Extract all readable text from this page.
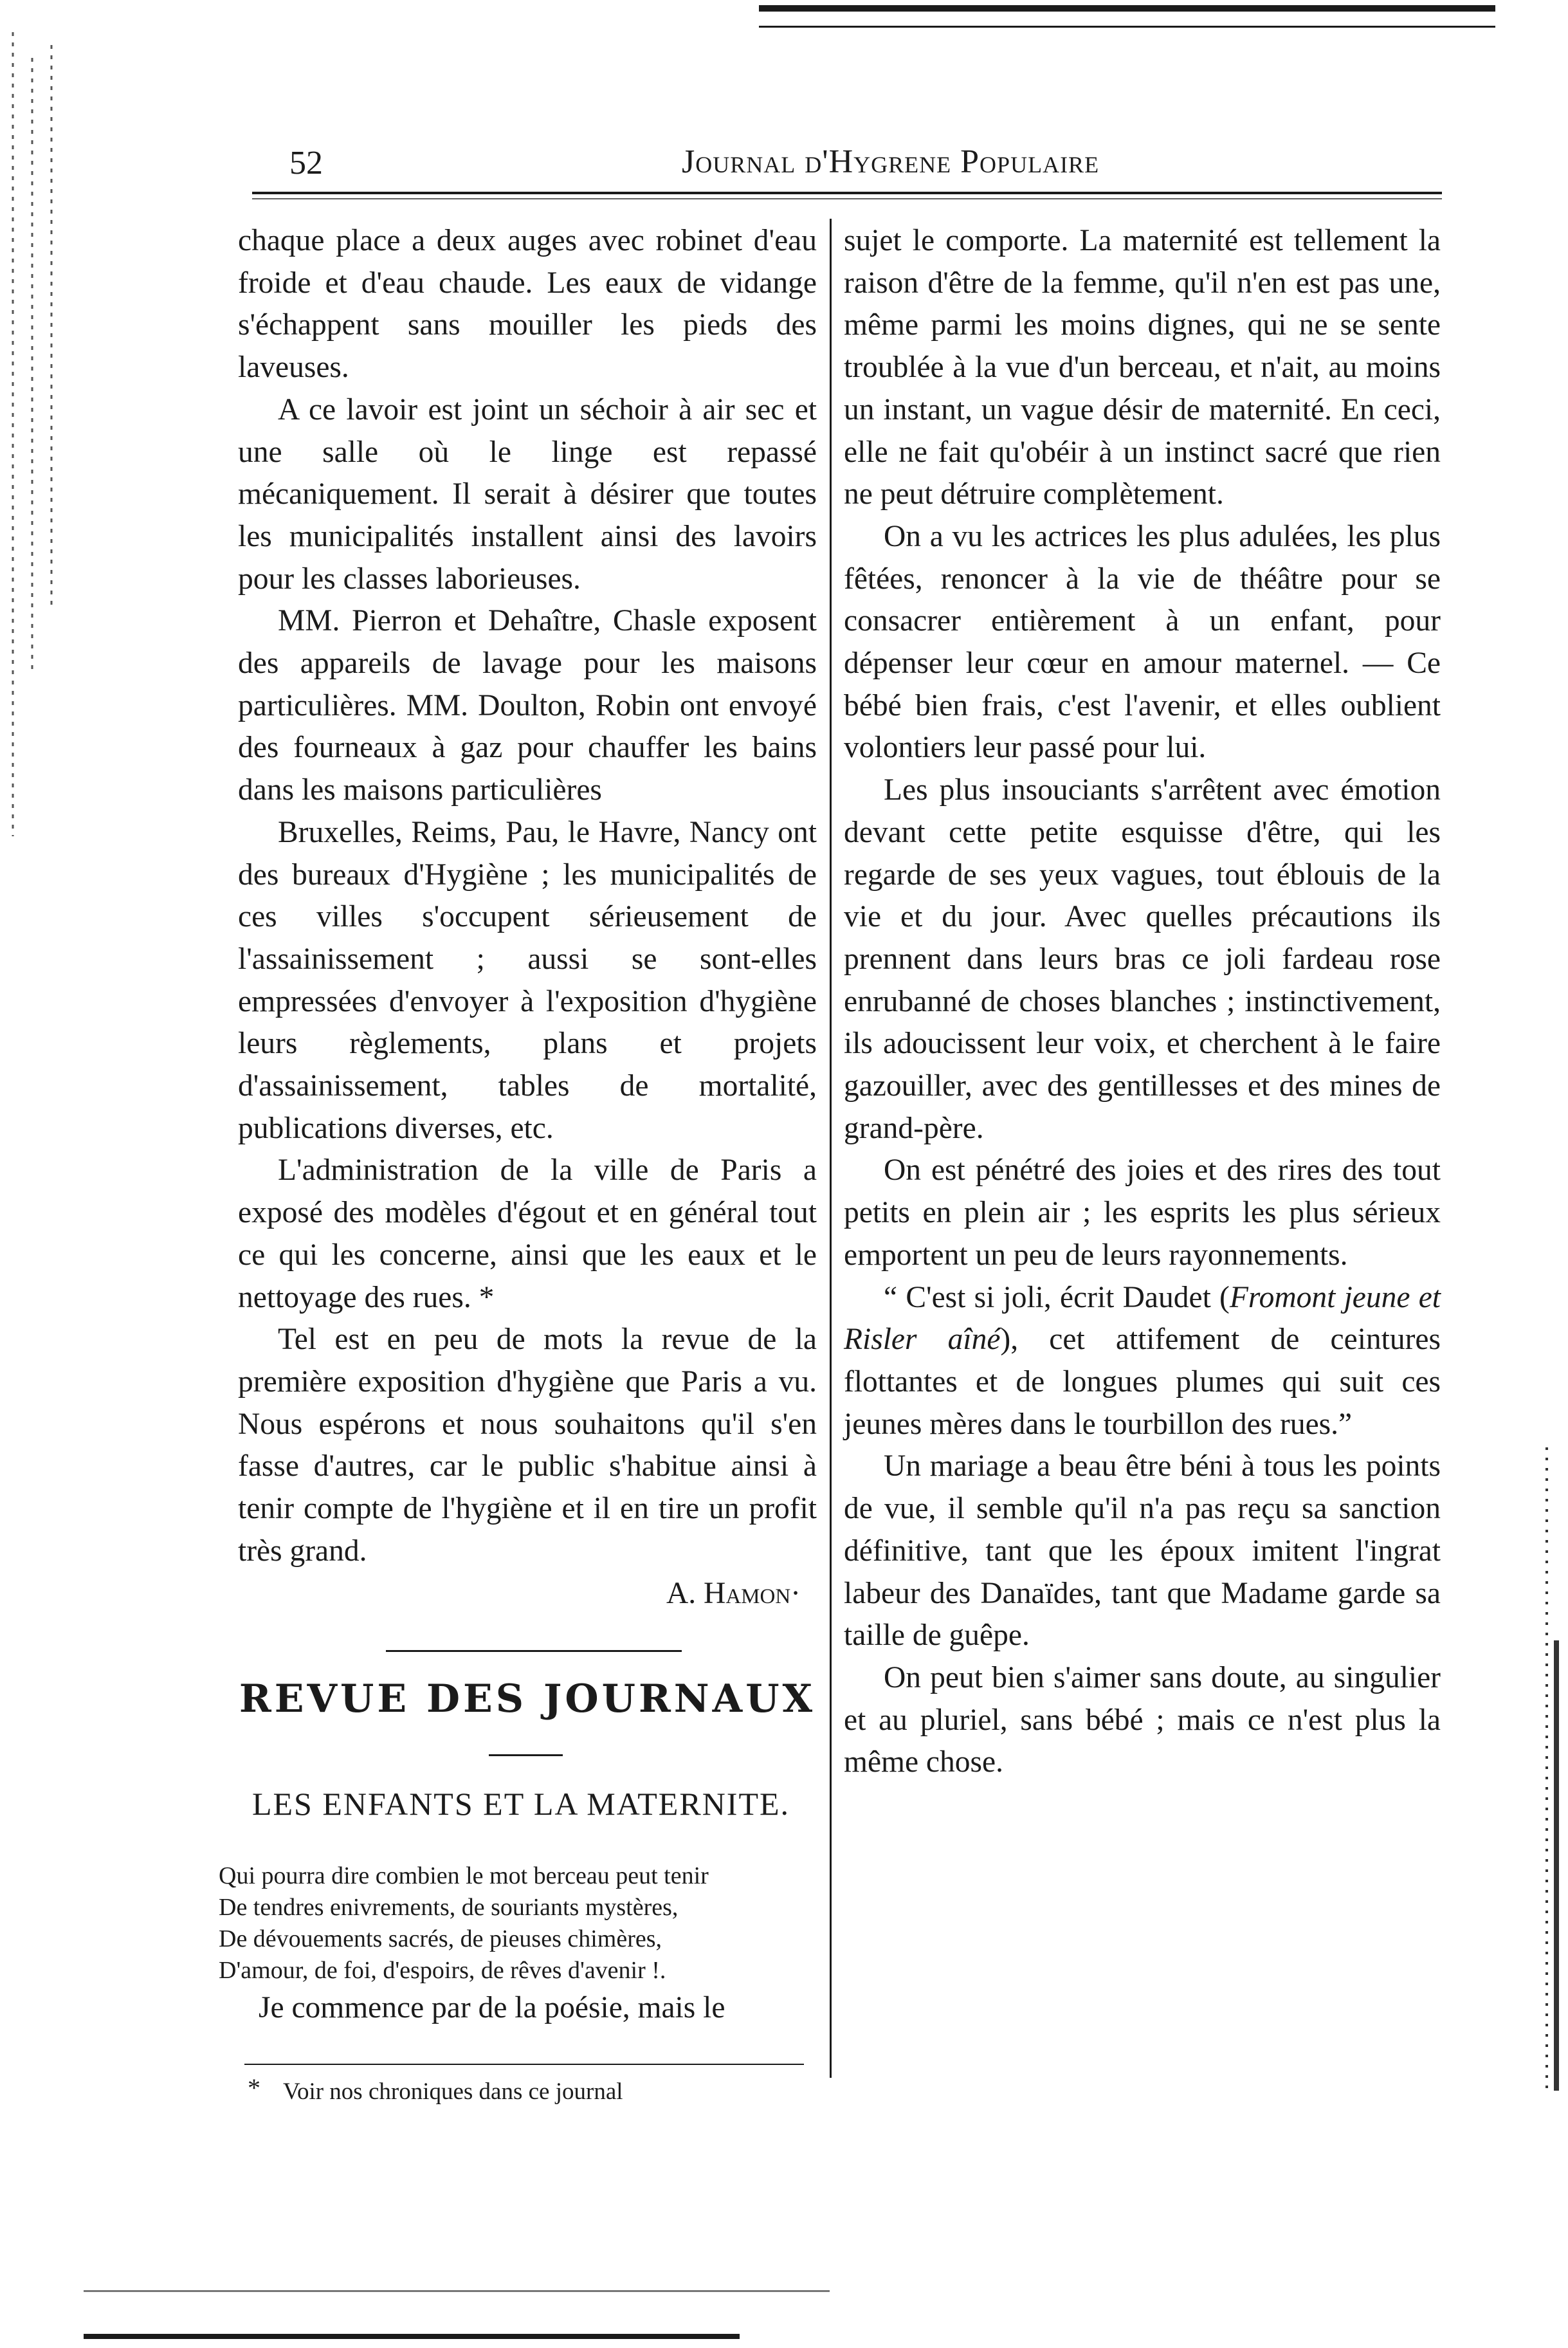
52	Journal d'Hygrene Populaire

chaque place a deux auges avec robinet d'eau froide et d'eau chaude. Les eaux de vidange s'échappent sans mouiller les pieds des laveuses.

A ce lavoir est joint un séchoir à air sec et une salle où le linge est repassé mécaniquement. Il serait à désirer que toutes les municipalités installent ainsi des lavoirs pour les classes laborieuses.

MM. Pierron et Dehaître, Chasle exposent des appareils de lavage pour les maisons particulières. MM. Doulton, Robin ont envoyé des fourneaux à gaz pour chauffer les bains dans les maisons particulières

Bruxelles, Reims, Pau, le Havre, Nancy ont des bureaux d'Hygiène ; les municipalités de ces villes s'occupent sérieusement de l'assainissement ; aussi se sont-elles empressées d'envoyer à l'exposition d'hygiène leurs règlements, plans et projets d'assainissement, tables de mortalité, publications diverses, etc.

L'administration de la ville de Paris a exposé des modèles d'égout et en général tout ce qui les concerne, ainsi que les eaux et le nettoyage des rues. *

Tel est en peu de mots la revue de la première exposition d'hygiène que Paris a vu. Nous espérons et nous souhaitons qu'il s'en fasse d'autres, car le public s'habitue ainsi à tenir compte de l'hygiène et il en tire un profit très grand.

A. Hamon·
REVUE DES JOURNAUX
LES ENFANTS ET LA MATERNITE.
Qui pourra dire combien le mot berceau peut tenir
De tendres enivrements, de souriants mystères,
De dévouements sacrés, de pieuses chimères,
D'amour, de foi, d'espoirs, de rêves d'avenir !.
Je commence par de la poésie, mais le
* Voir nos chroniques dans ce journal

sujet le comporte. La maternité est tellement la raison d'être de la femme, qu'il n'en est pas une, même parmi les moins dignes, qui ne se sente troublée à la vue d'un berceau, et n'ait, au moins un instant, un vague désir de maternité. En ceci, elle ne fait qu'obéir à un instinct sacré que rien ne peut détruire complètement.

On a vu les actrices les plus adulées, les plus fêtées, renoncer à la vie de théâtre pour se consacrer entièrement à un enfant, pour dépenser leur cœur en amour maternel. — Ce bébé bien frais, c'est l'avenir, et elles oublient volontiers leur passé pour lui.

Les plus insouciants s'arrêtent avec émotion devant cette petite esquisse d'être, qui les regarde de ses yeux vagues, tout éblouis de la vie et du jour. Avec quelles précautions ils prennent dans leurs bras ce joli fardeau rose enrubanné de choses blanches ; instinctivement, ils adoucissent leur voix, et cherchent à le faire gazouiller, avec des gentillesses et des mines de grand-père.

On est pénétré des joies et des rires des tout petits en plein air ; les esprits les plus sérieux emportent un peu de leurs rayonnements.

“ C'est si joli, écrit Daudet (Fromont jeune et Risler aîné), cet attifement de ceintures flottantes et de longues plumes qui suit ces jeunes mères dans le tourbillon des rues.”

Un mariage a beau être béni à tous les points de vue, il semble qu'il n'a pas reçu sa sanction définitive, tant que les époux imitent l'ingrat labeur des Danaïdes, tant que Madame garde sa taille de guêpe.

On peut bien s'aimer sans doute, au singulier et au pluriel, sans bébé ; mais ce n'est plus la même chose.
